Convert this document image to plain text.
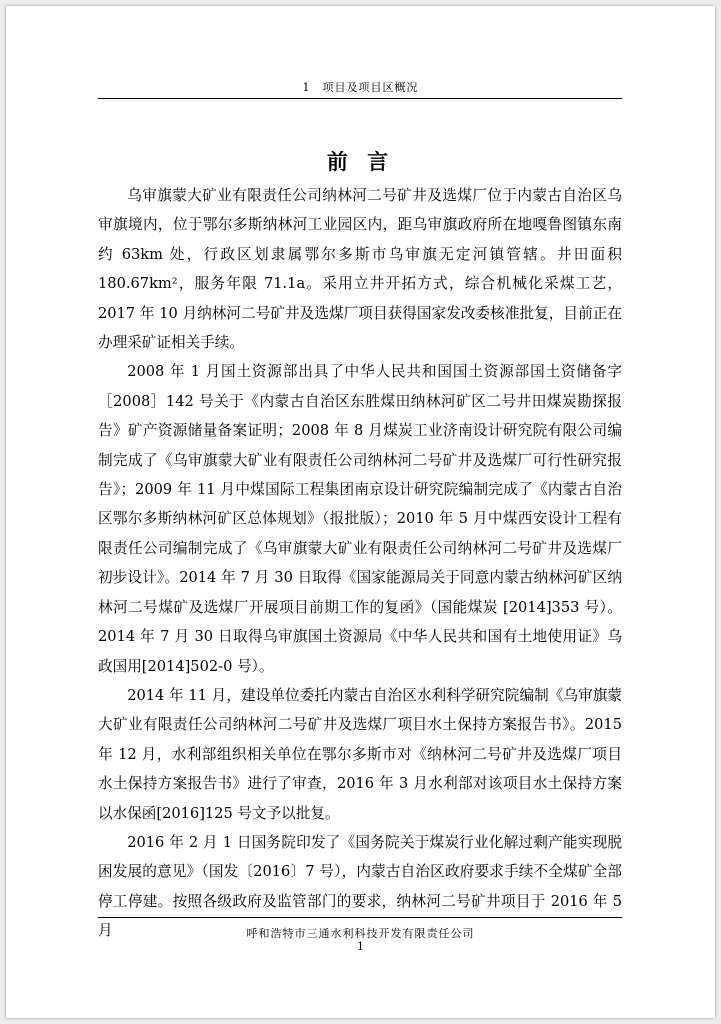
1　项目及项目区概况
前 言

乌审旗蒙大矿业有限责任公司纳林河二号矿井及选煤厂位于内蒙古自治区乌审旗境内，位于鄂尔多斯纳林河工业园区内，距乌审旗政府所在地嘎鲁图镇东南约 63km 处，行政区划隶属鄂尔多斯市乌审旗无定河镇管辖。井田面积 180.67km²，服务年限 71.1a。采用立井开拓方式，综合机械化采煤工艺，2017 年 10 月纳林河二号矿井及选煤厂项目获得国家发改委核准批复，目前正在办理采矿证相关手续。

2008 年 1 月国土资源部出具了中华人民共和国国土资源部国土资储备字［2008］142 号关于《内蒙古自治区东胜煤田纳林河矿区二号井田煤炭勘探报告》矿产资源储量备案证明；2008 年 8 月煤炭工业济南设计研究院有限公司编制完成了《乌审旗蒙大矿业有限责任公司纳林河二号矿井及选煤厂可行性研究报告》；2009 年 11 月中煤国际工程集团南京设计研究院编制完成了《内蒙古自治区鄂尔多斯纳林河矿区总体规划》（报批版）；2010 年 5 月中煤西安设计工程有限责任公司编制完成了《乌审旗蒙大矿业有限责任公司纳林河二号矿井及选煤厂初步设计》。2014 年 7 月 30 日取得《国家能源局关于同意内蒙古纳林河矿区纳林河二号煤矿及选煤厂开展项目前期工作的复函》（国能煤炭 [2014]353 号）。2014 年 7 月 30 日取得乌审旗国土资源局《中华人民共和国有土地使用证》乌政国用[2014]502-0 号）。

2014 年 11 月，建设单位委托内蒙古自治区水利科学研究院编制《乌审旗蒙大矿业有限责任公司纳林河二号矿井及选煤厂项目水土保持方案报告书》。2015 年 12 月，水利部组织相关单位在鄂尔多斯市对《纳林河二号矿井及选煤厂项目水土保持方案报告书》进行了审查，2016 年 3 月水利部对该项目水土保持方案以水保函[2016]125 号文予以批复。

2016 年 2 月 1 日国务院印发了《国务院关于煤炭行业化解过剩产能实现脱困发展的意见》（国发〔2016〕7 号），内蒙古自治区政府要求手续不全煤矿全部停工停建。按照各级政府及监管部门的要求，纳林河二号矿井项目于 2016 年 5 月	呼和浩特市三通水利科技开发有限责任公司
1
